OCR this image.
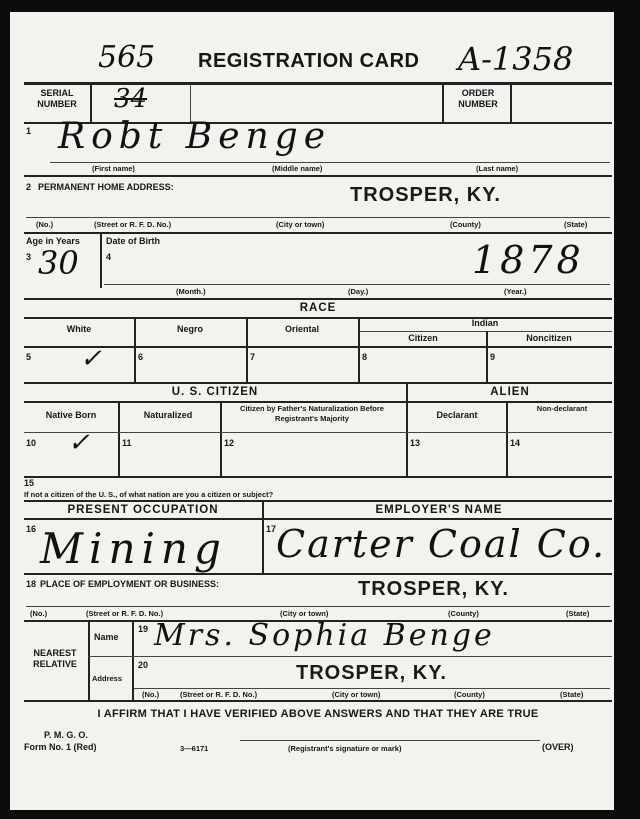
565 REGISTRATION CARD A-1358
SERIAL NUMBER	34	ORDER NUMBER
1 Robt Benge
(First name)	(Middle name)	(Last name)
2 PERMANENT HOME ADDRESS:	TROSPER, KY.
(No.)	(Street or R. F. D. No.)	(City or town)	(County)	(State)
Age in Years
3 30
Date of Birth
4	1878
(Month.)	(Day.)	(Year.)
RACE
White	Negro	Oriental
Indian
Citizen	Noncitizen
5 ✓	6	7	8	9
U. S. CITIZEN	ALIEN
Native Born	Naturalized
Citizen by Father's Naturalization Before Registrant's Majority	Declarant
Non-declarant
10 ✓	11	12	13	14
15
If not a citizen of the U. S., of what nation are you a citizen or subject?
PRESENT OCCUPATION	EMPLOYER'S NAME
16 Mining	17 Carter Coal Co.
18 PLACE OF EMPLOYMENT OR BUSINESS:	TROSPER, KY.
(No.)	(Street or R. F. D. No.)	(City or town)	(County)	(State)
NEAREST RELATIVE
Name
Address
19 Mrs. Sophia Benge
20	TROSPER, KY.
(No.)	(Street or R. F. D. No.)	(City or town)	(County)	(State)
I AFFIRM THAT I HAVE VERIFIED ABOVE ANSWERS AND THAT THEY ARE TRUE
P. M. G. O.
Form No. 1 (Red)	3—6171	(Registrant's signature or mark)	(OVER)
